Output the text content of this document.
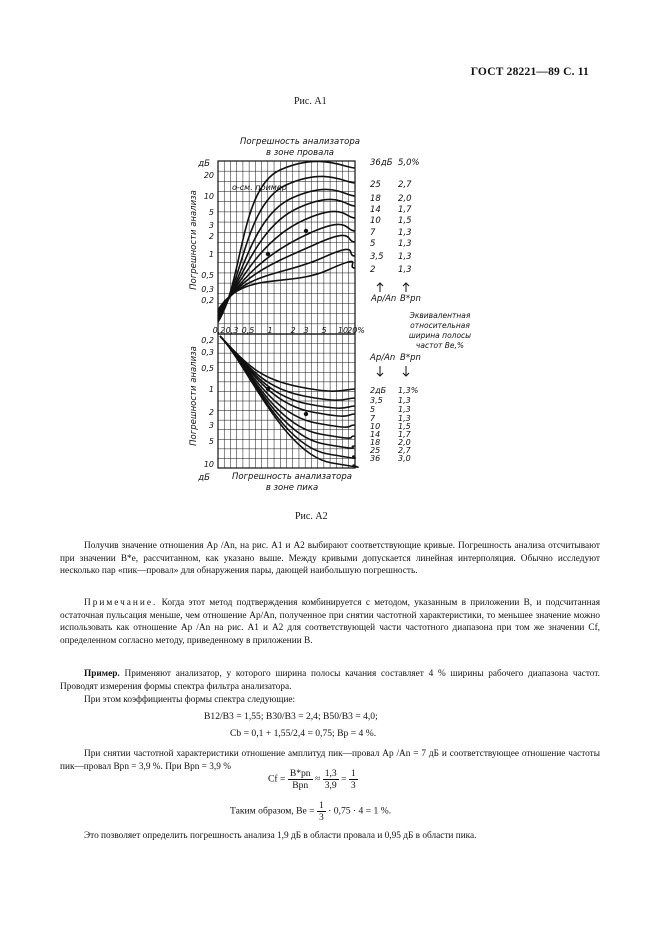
ГОСТ 28221—89 С. 11
Рис. А1
Погрешность анализатора
в зоне провала
Погрешность анализатора
в зоне пика
дБ
дБ
о-см. пример
Погрешности анализа
Погрешности анализа
20
10
5
3
2
1
0,5
0,3
0,2
0,2 0,3 0,5 1 2 3 5 10 20%
0,2
0,3
0,5
1
2
3
5
10
36дБ
25
18
14
10
7
5
3,5
2
5,0%
2,7
2,0
1,7
1,5
1,3
1,3
1,3
1,3
Ap/An B*pn
Эквивалентная
относительная
ширина полосы
частот Bе,%
Ap/An B*pn
2дБ
3,5
5
7
10
14
18
25
36
1,3%
1,3
1,3
1,3
1,5
1,7
2,0
2,7
3,0
Рис. А2
Получив значение отношения Ap /An, на рис. А1 и А2 выбирают соответствующие кривые. Погрешность анализа отсчитывают при значении B*e, рассчитанном, как указано выше. Между кривыми допускается линейная интерполяция. Обычно исследуют несколько пар «пик—провал» для обнаружения пары, дающей наибольшую погрешность.
Примечание. Когда этот метод подтверждения комбинируется с методом, указанным в приложении В, и подсчитанная остаточная пульсация меньше, чем отношение Ap/An, полученное при снятии частотной характеристики, то меньшее значение можно использовать как отношение Ap /An на рис. А1 и А2 для соответствующей части частотного диапазона при том же значении Cf, определенном согласно методу, приведенному в приложении В.
Пример. Применяют анализатор, у которого ширина полосы качания составляет 4 % ширины рабочего диапазона частот. Проводят измерения формы спектра фильтра анализатора.
При этом коэффициенты формы спектра следующие:
B12/B3 = 1,55; B30/B3 = 2,4; B50/B3 = 4,0;
Cb = 0,1 + 1,55/2,4 = 0,75; Bp = 4 %.
При снятии частотной характеристики отношение амплитуд пик—провал Ap /An = 7 дБ и соответствующее отношение частоты пик—провал Bpn = 3,9 %. При Bpn = 3,9 %
$Cf = \frac{B*pn}{\text{Bpn}} \approx \frac{1,3}{3,9} = \frac{1}{3}$
Таким образом, $Be = \frac{1}{3} \cdot 0,75 \cdot 4 = 1$ %.
Это позволяет определить погрешность анализа 1,9 дБ в области провала и 0,95 дБ в области пика.
